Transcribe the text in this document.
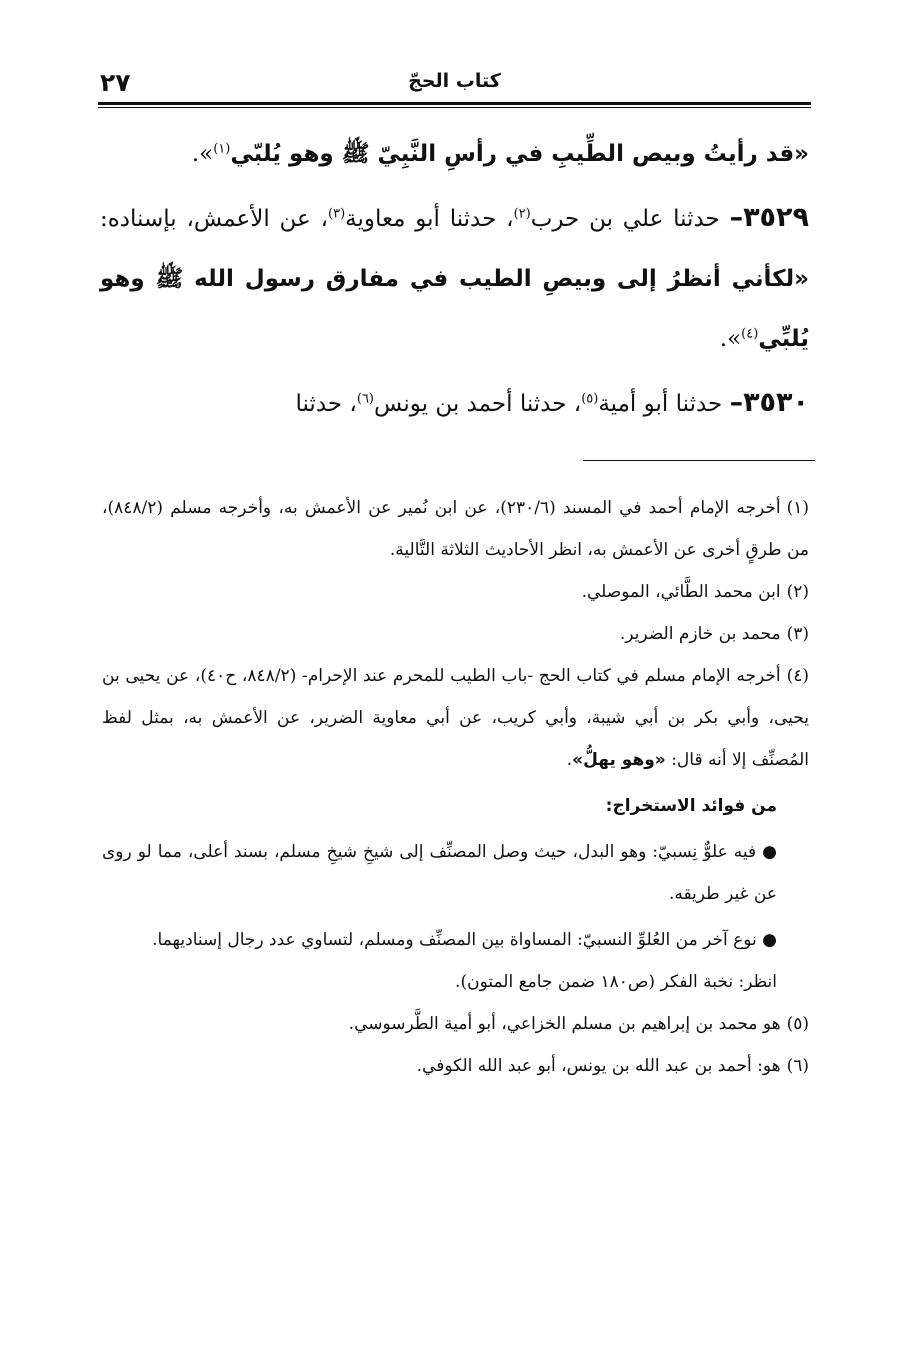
كتاب الحجّ
٢٧

«قد رأيتُ وبيص الطِّيبِ في رأسِ النَّبِيّ ﷺ وهو يُلبّي$^{(١)}$».

٣٥٢٩– حدثنا علي بن حرب$^{(٢)}$، حدثنا أبو معاوية$^{(٣)}$، عن الأعمش، بإسناده: «لكأني أنظرُ إلى وبيصِ الطيب في مفارق رسول الله ﷺ وهو يُلبِّي$^{(٤)}$».

٣٥٣٠– حدثنا أبو أمية$^{(٥)}$، حدثنا أحمد بن يونس$^{(٦)}$، حدثنا

(١)أخرجه الإمام أحمد في المسند (٢٣٠/٦)، عن ابن نُمير عن الأعمش به، وأخرجه مسلم (٨٤٨/٢)، من طرقٍ أخرى عن الأعمش به، انظر الأحاديث الثلاثة التَّالية.

(٢)ابن محمد الطَّائي، الموصلي.

(٣)محمد بن خازم الضرير.

(٤)أخرجه الإمام مسلم في كتاب الحج -باب الطيب للمحرم عند الإحرام- (٨٤٨/٢، ح٤٠)، عن يحيى بن يحيى، وأبي بكر بن أبي شيبة، وأبي كريب، عن أبي معاوية الضرير، عن الأعمش به، بمثل لفظ المُصنِّف إلا أنه قال: «وهو يهلُّ».

من فوائد الاستخراج:

● فيه علوٌّ نِسبيّ: وهو البدل، حيث وصل المصنِّف إلى شيخِ شيخِ مسلم، بسند أعلى، مما لو روى عن غير طريقه.

● نوع آخر من العُلوِّ النسبيّ: المساواة بين المصنِّف ومسلم، لتساوي عدد رجال إسناديهما.

انظر: نخبة الفكر (ص١٨٠ ضمن جامع المتون).

(٥)هو محمد بن إبراهيم بن مسلم الخزاعي، أبو أمية الطَّرسوسي.

(٦)هو: أحمد بن عبد الله بن يونس، أبو عبد الله الكوفي.
